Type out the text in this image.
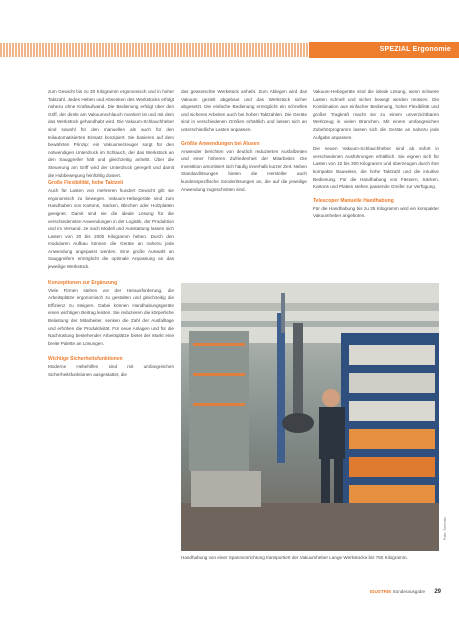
SPEZIAL Ergonomie

zum Gewicht bis zu 30 Kilogramm ergonomisch und in hoher Taktzahl. Jedes Heben und Absenken des Werkstücks erfolgt nahezu ohne Kraftaufwand. Die Bedienung erfolgt über den Griff, der direkt am Vakuumschlauch montiert ist und mit dem das Werkstück gehandhabt wird. Die Vakuum-Schlauchheber sind sowohl für den manuellen als auch für den teilautomatisierten Einsatz konzipiert. Sie basieren auf dem bewährten Prinzip: ein Vakuumerzeuger sorgt für den notwendigen Unterdruck im Schlauch, der das Werkstück an den Sauggreifer hält und gleichzeitig anhebt. Über die Steuerung am Griff wird der Unterdruck geregelt und damit die Hubbewegung feinfühlig dosiert.

Große Flexibilität, hohe Taktzeit

Auch für Lasten von mehreren hundert Gewicht gilt: sie ergonomisch zu bewegen. Vakuum-Hebegeräte sind zum Handhaben von Kartons, Säcken, Blechen oder Holzplatten geeignet. Damit sind sie die ideale Lösung für die verschiedensten Anwendungen in der Logistik, der Produktion und im Versand. Je nach Modell und Ausstattung lassen sich Lasten von 20 bis 2000 Kilogramm heben. Durch den modularen Aufbau können die Geräte an nahezu jede Anwendung angepasst werden. Eine große Auswahl an Sauggreifern ermöglicht die optimale Anpassung an das jeweilige Werkstück.

Konzeptionen zur Ergänzung

Viele Firmen stehen vor der Herausforderung, die Arbeitsplätze ergonomisch zu gestalten und gleichzeitig die Effizienz zu steigern. Dabei können Handhabungsgeräte einen wichtigen Beitrag leisten. Sie reduzieren die körperliche Belastung der Mitarbeiter, senken die Zahl der Ausfalltage und erhöhen die Produktivität. Für neue Anlagen und für die Nachrüstung bestehender Arbeitsplätze bietet der Markt eine breite Palette an Lösungen.

Wichtige Sicherheitsfunktionen

Moderne Hebehilfen sind mit umfangreichen Sicherheitsfunktionen ausgestattet, die

das gewünschte Werkstück anhebt. Zum Ablegen wird das Vakuum gezielt abgebaut und das Werkstück sicher abgesetzt. Die einfache Bedienung ermöglicht ein schnelles und sicheres Arbeiten auch bei hohen Taktzahlen. Die Geräte sind in verschiedenen Größen erhältlich und lassen sich an unterschiedliche Lasten anpassen.

Größte Anwendungen bei Alusen

Anwender berichten von deutlich reduzierten Ausfallzeiten und einer höheren Zufriedenheit der Mitarbeiter. Die Investition amortisiert sich häufig innerhalb kurzer Zeit. Neben Standardlösungen bieten die Hersteller auch kundenspezifische Sonderlösungen an, die auf die jeweilige Anwendung zugeschnitten sind.

Vakuum-Hebegeräte sind die ideale Lösung, wenn schwere Lasten schnell und sicher bewegt werden müssen. Die Kombination aus einfacher Bedienung, hoher Flexibilität und großer Tragkraft macht sie zu einem unverzichtbaren Werkzeug in vielen Branchen. Mit einem umfangreichen Zubehörprogramm lassen sich die Geräte an nahezu jede Aufgabe anpassen.

Die neuen Vakuum-Schlauchheber sind ab sofort in verschiedenen Ausführungen erhältlich. Sie eignen sich für Lasten von 10 bis 300 Kilogramm und überzeugen durch ihre kompakte Bauweise, die hohe Taktzahl und die intuitive Bedienung. Für die Handhabung von Fässern, Säcken, Kartons und Platten stehen passende Greifer zur Verfügung.

Telescoper Manuelle Handhabung

Für die Handhabung bis zu 25 Kilogramm wird ein kompakter Vakuumheber angeboten.

Handhabung von einer Spannvorrichtung transportiert der Vakuumheber Lange Werkstücke bis 750 Kilogramm.
Foto: Schmalz
IDUSTRIE Sonderausgabe 29
